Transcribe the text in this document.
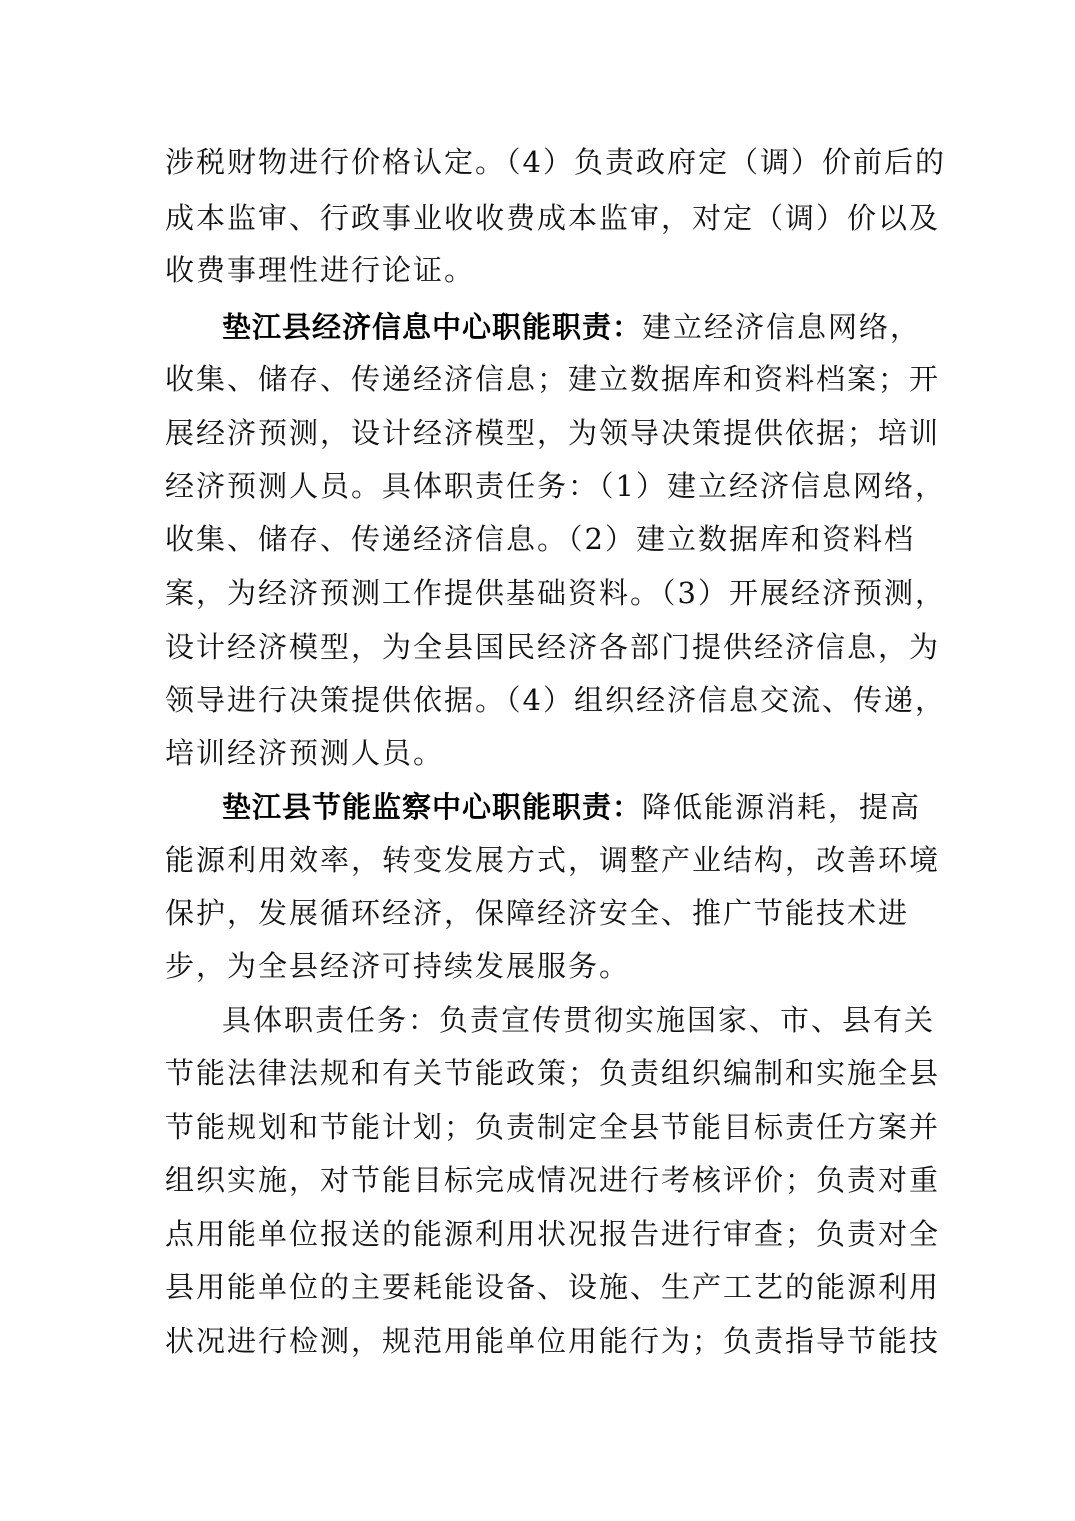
涉税财物进行价格认定。（4）负责政府定（调）价前后的
成本监审、行政事业收收费成本监审，对定（调）价以及
收费事理性进行论证。
垫江县经济信息中心职能职责：建立经济信息网络，
收集、储存、传递经济信息；建立数据库和资料档案；开
展经济预测，设计经济模型，为领导决策提供依据；培训
经济预测人员。具体职责任务：（1）建立经济信息网络，
收集、储存、传递经济信息。（2）建立数据库和资料档
案，为经济预测工作提供基础资料。（3）开展经济预测，
设计经济模型，为全县国民经济各部门提供经济信息，为
领导进行决策提供依据。（4）组织经济信息交流、传递，
培训经济预测人员。
垫江县节能监察中心职能职责：降低能源消耗，提高
能源利用效率，转变发展方式，调整产业结构，改善环境
保护，发展循环经济，保障经济安全、推广节能技术进
步，为全县经济可持续发展服务。
具体职责任务：负责宣传贯彻实施国家、市、县有关
节能法律法规和有关节能政策；负责组织编制和实施全县
节能规划和节能计划；负责制定全县节能目标责任方案并
组织实施，对节能目标完成情况进行考核评价；负责对重
点用能单位报送的能源利用状况报告进行审查；负责对全
县用能单位的主要耗能设备、设施、生产工艺的能源利用
状况进行检测，规范用能单位用能行为；负责指导节能技
